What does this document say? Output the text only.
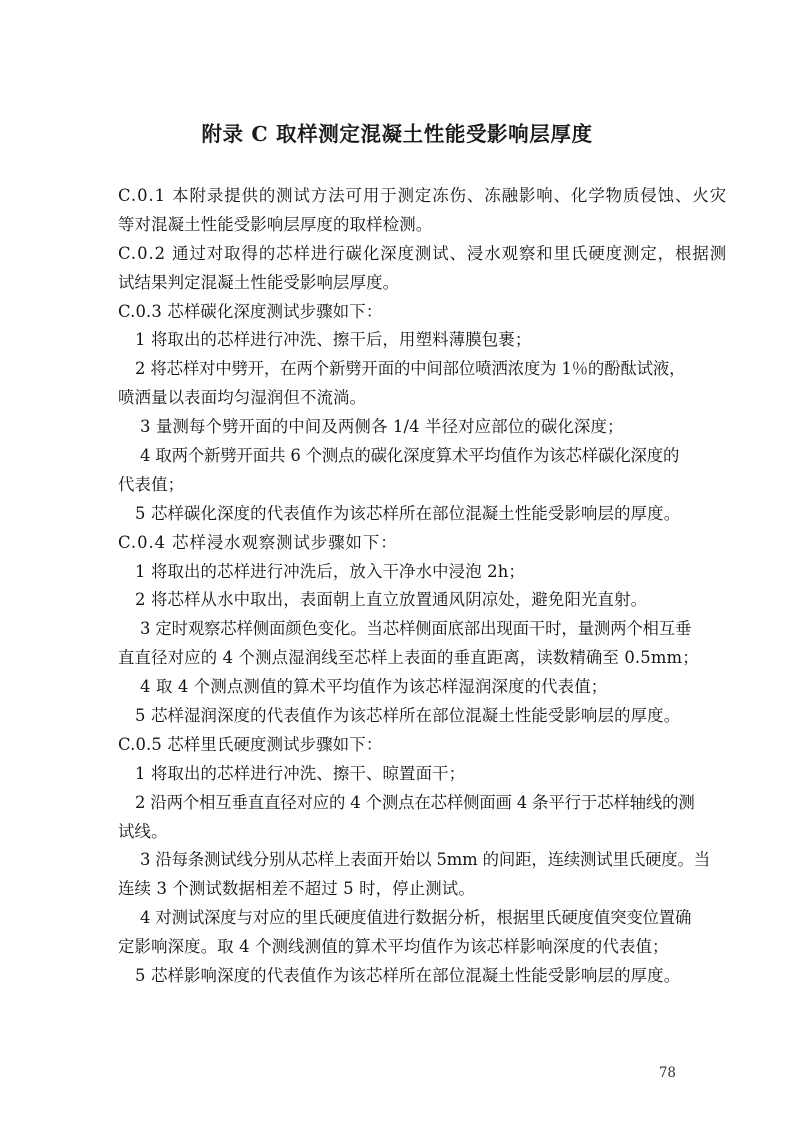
附录 C 取样测定混凝土性能受影响层厚度
C.0.1 本附录提供的测试方法可用于测定冻伤、冻融影响、化学物质侵蚀、火灾
等对混凝土性能受影响层厚度的取样检测。
C.0.2 通过对取得的芯样进行碳化深度测试、浸水观察和里氏硬度测定，根据测
试结果判定混凝土性能受影响层厚度。
C.0.3 芯样碳化深度测试步骤如下：
1 将取出的芯样进行冲洗、擦干后，用塑料薄膜包裹；
2 将芯样对中劈开，在两个新劈开面的中间部位喷洒浓度为 1％的酚酞试液，
喷洒量以表面均匀湿润但不流淌。
3 量测每个劈开面的中间及两侧各 1/4 半径对应部位的碳化深度；
4 取两个新劈开面共 6 个测点的碳化深度算术平均值作为该芯样碳化深度的
代表值；
5 芯样碳化深度的代表值作为该芯样所在部位混凝土性能受影响层的厚度。
C.0.4 芯样浸水观察测试步骤如下：
1 将取出的芯样进行冲洗后，放入干净水中浸泡 2h；
2 将芯样从水中取出，表面朝上直立放置通风阴凉处，避免阳光直射。
3 定时观察芯样侧面颜色变化。当芯样侧面底部出现面干时，量测两个相互垂
直直径对应的 4 个测点湿润线至芯样上表面的垂直距离，读数精确至 0.5mm；
4 取 4 个测点测值的算术平均值作为该芯样湿润深度的代表值；
5 芯样湿润深度的代表值作为该芯样所在部位混凝土性能受影响层的厚度。
C.0.5 芯样里氏硬度测试步骤如下：
1 将取出的芯样进行冲洗、擦干、晾置面干；
2 沿两个相互垂直直径对应的 4 个测点在芯样侧面画 4 条平行于芯样轴线的测
试线。
3 沿每条测试线分别从芯样上表面开始以 5mm 的间距，连续测试里氏硬度。当
连续 3 个测试数据相差不超过 5 时，停止测试。
4 对测试深度与对应的里氏硬度值进行数据分析，根据里氏硬度值突变位置确
定影响深度。取 4 个测线测值的算术平均值作为该芯样影响深度的代表值；
5 芯样影响深度的代表值作为该芯样所在部位混凝土性能受影响层的厚度。
78
